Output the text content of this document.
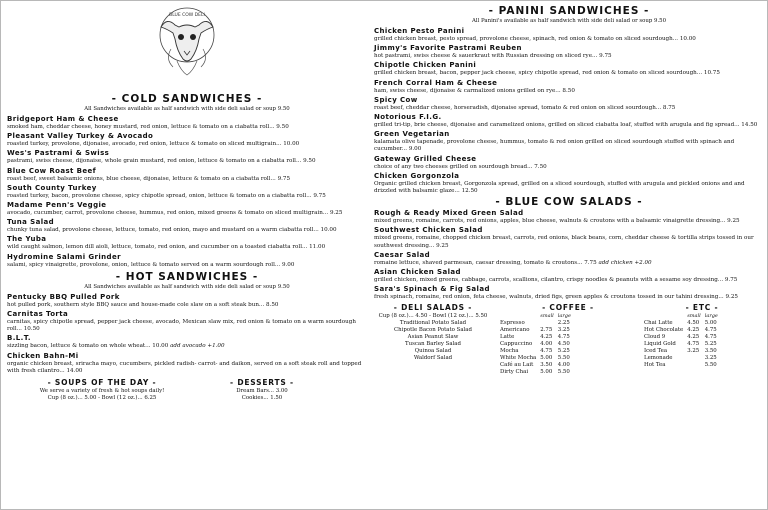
BLUE COW DELI

- COLD SANDWICHES -

All Sandwiches available as half sandwich with side deli salad or soup 9.50

Bridgeport Ham & Cheese

smoked ham, cheddar cheese, honey mustard, red onion, lettuce & tomato on a ciabatta roll... 9.50

Pleasant Valley Turkey & Avocado

roasted turkey, provolone, dijonaise, avocado, red onion, lettuce & tomato on sliced multigrain... 10.00

Wes's Pastrami & Swiss

pastrami, swiss cheese, dijonaise, whole grain mustard, red onion, lettuce & tomato on a ciabatta roll... 9.50

Blue Cow Roast Beef

roast beef, sweet balsamic onions, blue cheese, dijonaise, lettuce & tomato on a ciabatta roll... 9.75

South County Turkey

roasted turkey, bacon, provolone cheese, spicy chipotle spread, onion, lettuce & tomato on a ciabatta roll... 9.75

Madame Penn's Veggie

avocado, cucumber, carrot, provolone cheese, hummus, red onion, mixed greens & tomato on sliced multigrain... 9.25

Tuna Salad

chunky tuna salad, provolone cheese, lettuce, tomato, red onion, mayo and mustard on a warm ciabatta roll... 10.00

The Yuba

wild caught salmon, lemon dill aioli, lettuce, tomato, red onion, and cucumber on a toasted ciabatta roll... 11.00

Hydromine Salami Grinder

salami, spicy vinaigrette, provolone, onion, lettuce & tomato served on a warm sourdough roll... 9.00

- HOT SANDWICHES -

All Sandwiches available as half sandwich with side deli salad or soup 9.50

Pentucky BBQ Pulled Pork

hot pulled pork, southern style BBQ sauce and house-made cole slaw on a soft steak bun... 8.50

Carnitas Torta

carnitas, spicy chipotle spread, pepper jack cheese, avocado, Mexican slaw mix, red onion & tomato on a warm sourdough roll... 10.50

B.L.T.

sizzling bacon, lettuce & tomato on whole wheat... 10.00 add avocado +1.00

Chicken Bahn-Mi

organic chicken breast, sriracha mayo, cucumbers, pickled radish- carrot- and daikon, served on a soft steak roll and topped with fresh cilantro... 14.00

- SOUPS OF THE DAY -
We serve a variety of fresh & hot soups daily!
Cup (8 oz.)... 5.00 - Bowl (12 oz.)... 6.25
- DESSERTS -
Dream Bars... 3.00
Cookies... 1.50

- PANINI SANDWICHES -

All Panini's available as half sandwich with side deli salad or soup 9.50

Chicken Pesto Panini

grilled chicken breast, pesto spread, provolone cheese, spinach, red onion & tomato on sliced sourdough... 10.00

Jimmy's Favorite Pastrami Reuben

hot pastrami, swiss cheese & sauerkraut with Russian dressing on sliced rye... 9.75

Chipotle Chicken Panini

grilled chicken breast, bacon, pepper jack cheese, spicy chipotle spread, red onion & tomato on sliced sourdough... 10.75

French Corral Ham & Cheese

ham, swiss cheese, dijonaise & carmalized onions grilled on rye... 8.50

Spicy Cow

roast beef, cheddar cheese, horseradish, dijonaise spread, tomato & red onion on sliced sourdough... 8.75

Notorious F.I.G.

grilled tri-tip, brie cheese, dijonaise and caramelized onions, grilled on sliced ciabatta loaf, stuffed with arugula and fig spread... 14.50

Green Vegetarian

kalamata olive tapenade, provolone cheese, hummus, tomato & red onion grilled on sliced sourdough stuffed with spinach and cucumber... 9.00

Gateway Grilled Cheese

choice of any two cheeses grilled on sourdough bread... 7.50

Chicken Gorgonzola

Organic grilled chicken breast, Gorgonzola spread, grilled on a sliced sourdough, stuffed with arugula and pickled onions and and drizzled with balsamic glaze... 12.50

- BLUE COW SALADS -

Rough & Ready Mixed Green Salad

mixed greens, romaine, carrots, red onions, apples, blue cheese, walnuts & croutons with a balsamic vinaigrette dressing... 9.25

Southwest Chicken Salad

mixed greens, romaine, chopped chicken breast, carrots, red onions, black beans, corn, cheddar cheese & tortilla strips tossed in our southwest dressing... 9.25

Caesar Salad

romaine lettuce, shaved parmesan, caesar dressing, tomato & croutons... 7.75 add chicken +2.00

Asian Chicken Salad

grilled chicken, mixed greens, cabbage, carrots, scallions, cilantro, crispy noodles & peanuts with a sesame soy dressing... 9.75

Sara's Spinach & Fig Salad

fresh spinach, romaine, red onion, feta cheese, walnuts, dried figs, green apples & croutons tossed in our tahini dressing... 9.25

- DELI SALADS -
Cup (8 oz.)... 4.50 - Bowl (12 oz.)... 5.50
Traditional Potato Salad
Chipotle Bacon Potato Salad
Asian Peanut Slaw
Tuscan Barley Salad
Quinoa Salad
Waldorf Salad
- COFFEE -
	small	large
Espresso		2.25
Americano	2.75	3.25
Latte	4.25	4.75
Cappuccino	4.00	4.50
Mocha	4.75	5.25
White Mocha	5.00	5.50
Café au Lait	3.50	4.00
Dirty Chai	5.00	5.50
- ETC -
	small	large
Chai Latte	4.50	5.00
Hot Chocolate	4.25	4.75
Cloud 9	4.25	4.75
Liquid Gold	4.75	5.25
Iced Tea	3.25	3.50
Lemonade		3.25
Hot Tea		5.50
